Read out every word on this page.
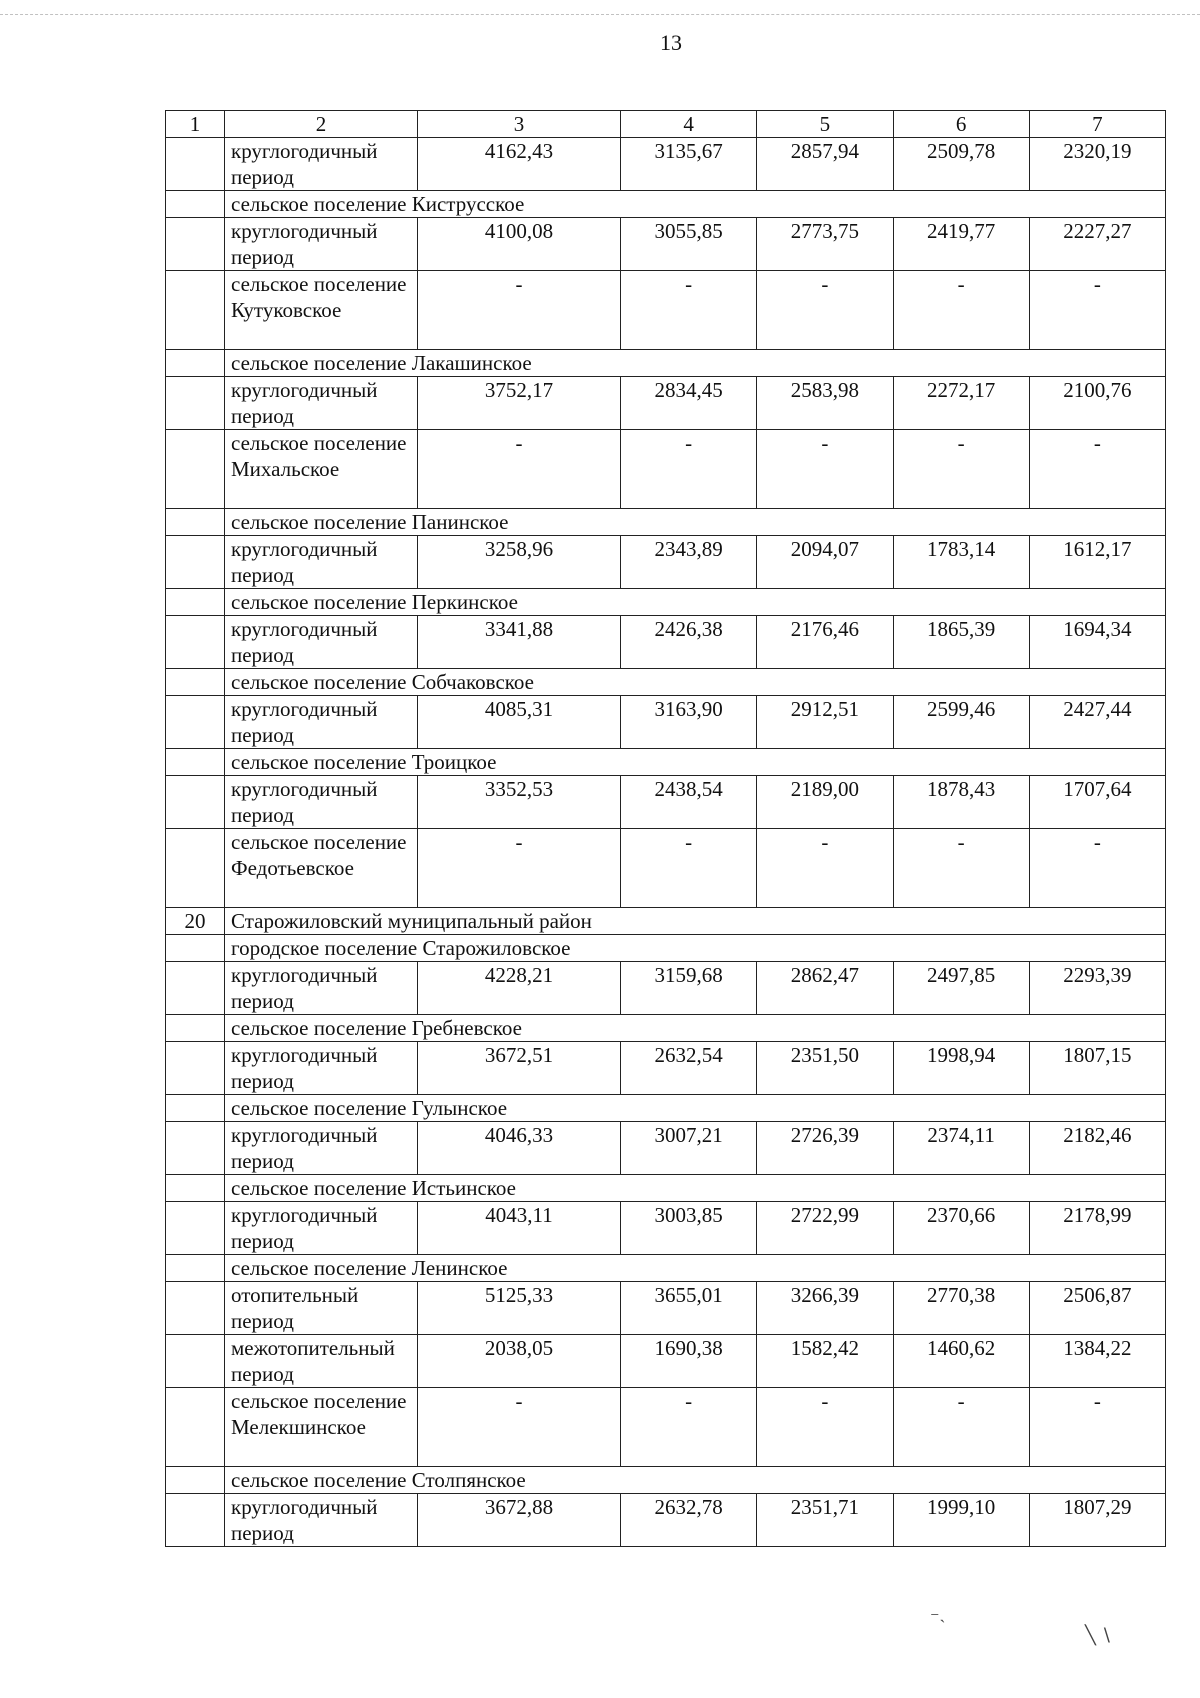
13
1	2	3	4	5	6	7
	круглогодичный период	4162,43	3135,67	2857,94	2509,78	2320,19
	сельское поселение Киструсское					
	круглогодичный период	4100,08	3055,85	2773,75	2419,77	2227,27
	сельское поселение Кутуковское	-	-	-	-	-
	сельское поселение Лакашинское					
	круглогодичный период	3752,17	2834,45	2583,98	2272,17	2100,76
	сельское поселение Михальское	-	-	-	-	-
	сельское поселение Панинское					
	круглогодичный период	3258,96	2343,89	2094,07	1783,14	1612,17
	сельское поселение Перкинское					
	круглогодичный период	3341,88	2426,38	2176,46	1865,39	1694,34
	сельское поселение Собчаковское					
	круглогодичный период	4085,31	3163,90	2912,51	2599,46	2427,44
	сельское поселение Троицкое					
	круглогодичный период	3352,53	2438,54	2189,00	1878,43	1707,64
	сельское поселение Федотьевское	-	-	-	-	-
20	Старожиловский муниципальный район					
	городское поселение Старожиловское					
	круглогодичный период	4228,21	3159,68	2862,47	2497,85	2293,39
	сельское поселение Гребневское					
	круглогодичный период	3672,51	2632,54	2351,50	1998,94	1807,15
	сельское поселение Гулынское					
	круглогодичный период	4046,33	3007,21	2726,39	2374,11	2182,46
	сельское поселение Истьинское					
	круглогодичный период	4043,11	3003,85	2722,99	2370,66	2178,99
	сельское поселение Ленинское					
	отопительный период	5125,33	3655,01	3266,39	2770,38	2506,87
	межотопительный период	2038,05	1690,38	1582,42	1460,62	1384,22
	сельское поселение Мелекшинское	-	-	-	-	-
	сельское поселение Столпянское					
	круглогодичный период	3672,88	2632,78	2351,71	1999,10	1807,29
⁻˴
╲ ∖
